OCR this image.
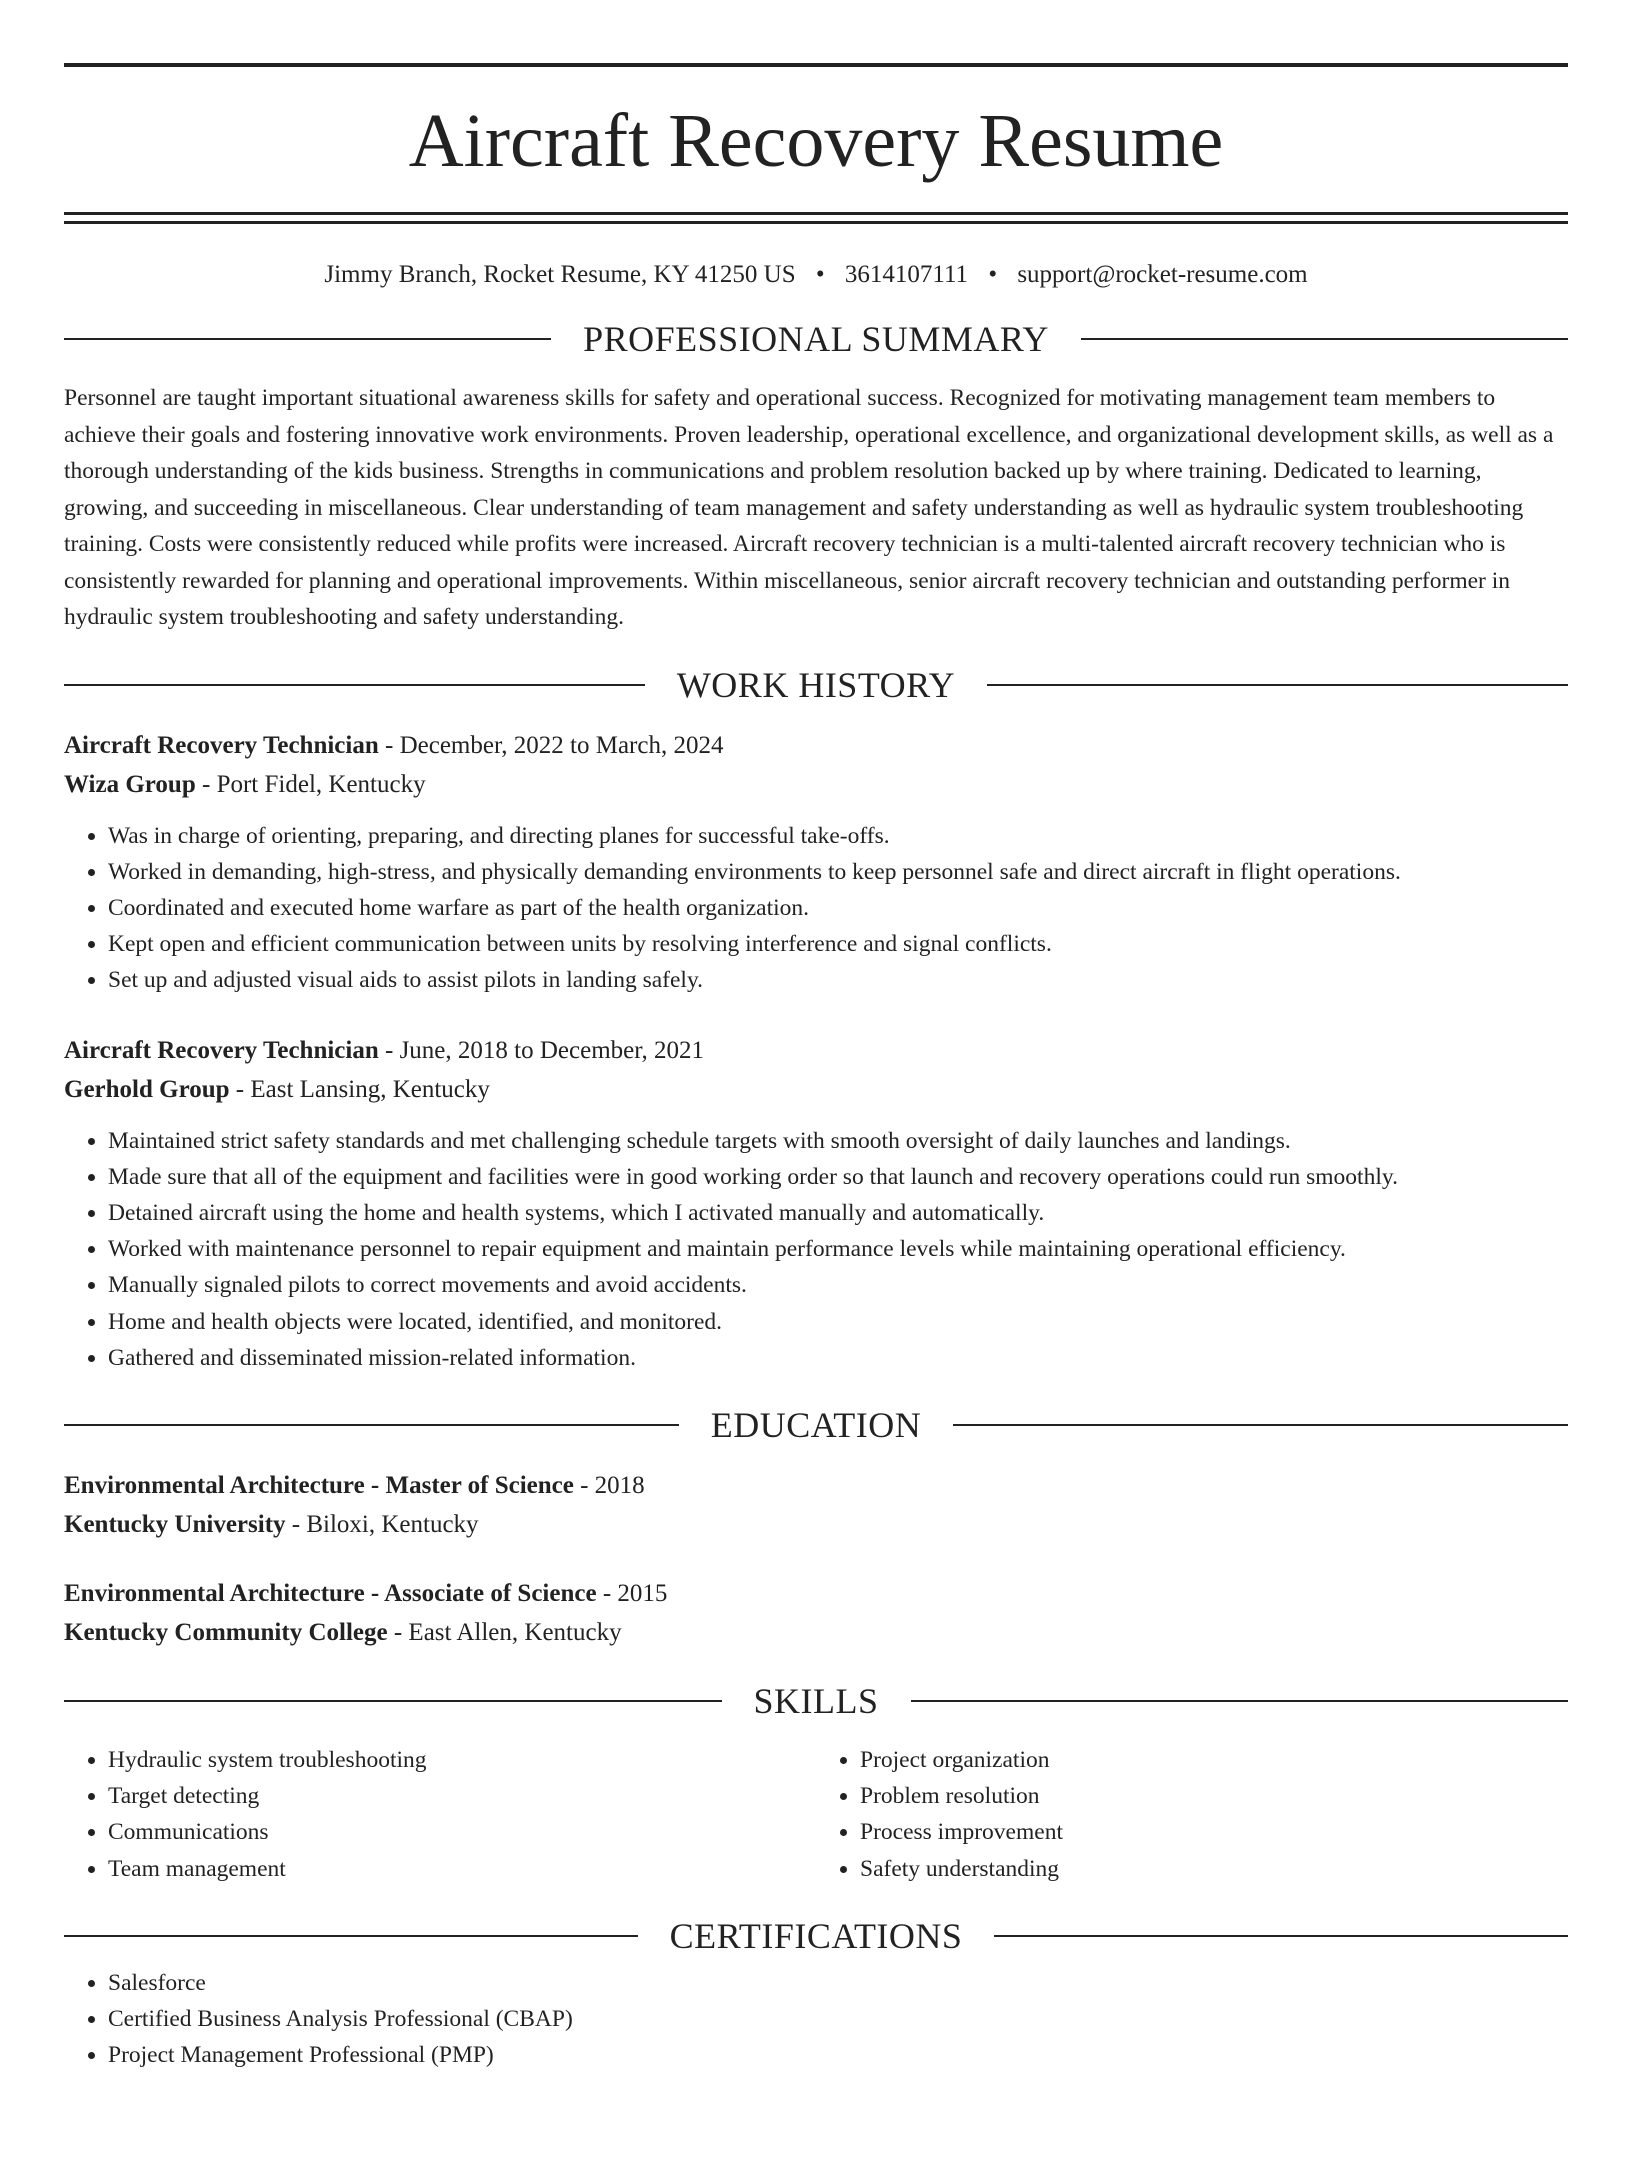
Aircraft Recovery Resume
Jimmy Branch, Rocket Resume, KY 41250 US • 3614107111 • support@rocket-resume.com
PROFESSIONAL SUMMARY

Personnel are taught important situational awareness skills for safety and operational success. Recognized for motivating management team members to achieve their goals and fostering innovative work environments. Proven leadership, operational excellence, and organizational development skills, as well as a thorough understanding of the kids business. Strengths in communications and problem resolution backed up by where training. Dedicated to learning, growing, and succeeding in miscellaneous. Clear understanding of team management and safety understanding as well as hydraulic system troubleshooting training. Costs were consistently reduced while profits were increased. Aircraft recovery technician is a multi-talented aircraft recovery technician who is consistently rewarded for planning and operational improvements. Within miscellaneous, senior aircraft recovery technician and outstanding performer in hydraulic system troubleshooting and safety understanding.

WORK HISTORY

Aircraft Recovery Technician - December, 2022 to March, 2024

Wiza Group - Port Fidel, Kentucky

• Was in charge of orienting, preparing, and directing planes for successful take-offs.
• Worked in demanding, high-stress, and physically demanding environments to keep personnel safe and direct aircraft in flight operations.
• Coordinated and executed home warfare as part of the health organization.
• Kept open and efficient communication between units by resolving interference and signal conflicts.
• Set up and adjusted visual aids to assist pilots in landing safely.

Aircraft Recovery Technician - June, 2018 to December, 2021

Gerhold Group - East Lansing, Kentucky

• Maintained strict safety standards and met challenging schedule targets with smooth oversight of daily launches and landings.
• Made sure that all of the equipment and facilities were in good working order so that launch and recovery operations could run smoothly.
• Detained aircraft using the home and health systems, which I activated manually and automatically.
• Worked with maintenance personnel to repair equipment and maintain performance levels while maintaining operational efficiency.
• Manually signaled pilots to correct movements and avoid accidents.
• Home and health objects were located, identified, and monitored.
• Gathered and disseminated mission-related information.
EDUCATION

Environmental Architecture - Master of Science - 2018

Kentucky University - Biloxi, Kentucky

Environmental Architecture - Associate of Science - 2015

Kentucky Community College - East Allen, Kentucky

SKILLS
• Hydraulic system troubleshooting
• Target detecting
• Communications
• Team management
• Project organization
• Problem resolution
• Process improvement
• Safety understanding
CERTIFICATIONS
• Salesforce
• Certified Business Analysis Professional (CBAP)
• Project Management Professional (PMP)
